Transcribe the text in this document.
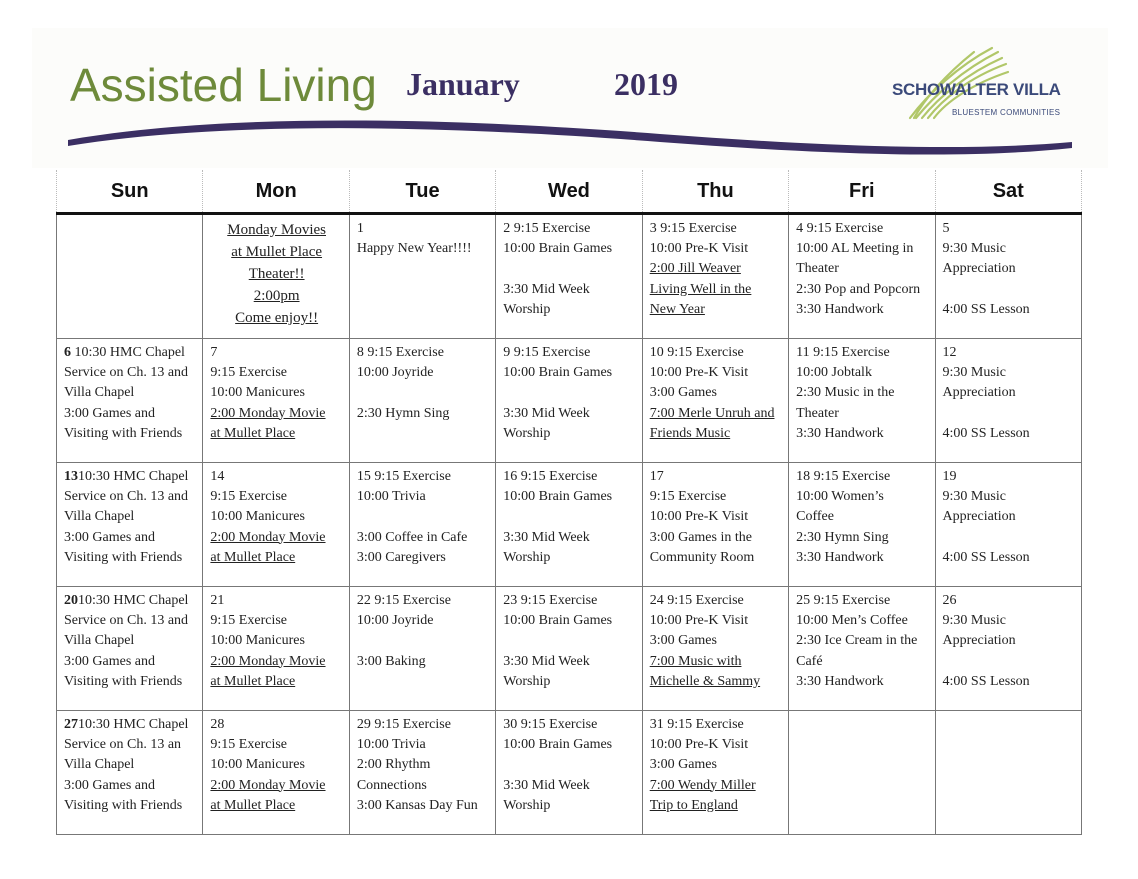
Assisted Living January	2019	SCHOWALTER VILLA
BLUESTEM COMMUNITIES
Sun	Mon	Tue	Wed	Thu	Fri	Sat

	Monday Movies
at Mullet Place
Theater!!
2:00pm
Come enjoy!!	1
Happy New Year!!!!	2 9:15 Exercise
10:00 Brain Games

3:30 Mid Week
Worship	3 9:15 Exercise
10:00 Pre-K Visit
2:00 Jill Weaver
Living Well in the
New Year	4 9:15 Exercise
10:00 AL Meeting in
Theater
2:30 Pop and Popcorn
3:30 Handwork	5
9:30 Music
Appreciation

4:00 SS Lesson

6 10:30 HMC Chapel
Service on Ch. 13 and
Villa Chapel
3:00 Games and
Visiting with Friends	7
9:15 Exercise
10:00 Manicures
2:00 Monday Movie
at Mullet Place	8 9:15 Exercise
10:00 Joyride

2:30 Hymn Sing	9 9:15 Exercise
10:00 Brain Games

3:30 Mid Week
Worship	10 9:15 Exercise
10:00 Pre-K Visit
3:00 Games
7:00 Merle Unruh and
Friends Music	11 9:15 Exercise
10:00 Jobtalk
2:30 Music in the
Theater
3:30 Handwork	12
9:30 Music
Appreciation

4:00 SS Lesson

1310:30 HMC Chapel
Service on Ch. 13 and
Villa Chapel
3:00 Games and
Visiting with Friends	14
9:15 Exercise
10:00 Manicures
2:00 Monday Movie
at Mullet Place	15 9:15 Exercise
10:00 Trivia

3:00 Coffee in Cafe
3:00 Caregivers	16 9:15 Exercise
10:00 Brain Games

3:30 Mid Week
Worship	17
9:15 Exercise
10:00 Pre-K Visit
3:00 Games in the
Community Room	18 9:15 Exercise
10:00 Women’s
Coffee
2:30 Hymn Sing
3:30 Handwork	19
9:30 Music
Appreciation

4:00 SS Lesson

2010:30 HMC Chapel
Service on Ch. 13 and
Villa Chapel
3:00 Games and
Visiting with Friends	21
9:15 Exercise
10:00 Manicures
2:00 Monday Movie
at Mullet Place	22 9:15 Exercise
10:00 Joyride

3:00 Baking	23 9:15 Exercise
10:00 Brain Games

3:30 Mid Week
Worship	24 9:15 Exercise
10:00 Pre-K Visit
3:00 Games
7:00 Music with
Michelle & Sammy	25 9:15 Exercise
10:00 Men’s Coffee
2:30 Ice Cream in the
Café
3:30 Handwork	26
9:30 Music
Appreciation

4:00 SS Lesson

2710:30 HMC Chapel
Service on Ch. 13 an
Villa Chapel
3:00 Games and
Visiting with Friends	28
9:15 Exercise
10:00 Manicures
2:00 Monday Movie
at Mullet Place	29 9:15 Exercise
10:00 Trivia
2:00 Rhythm
Connections
3:00 Kansas Day Fun	30 9:15 Exercise
10:00 Brain Games

3:30 Mid Week
Worship	31 9:15 Exercise
10:00 Pre-K Visit
3:00 Games
7:00 Wendy Miller
Trip to England		
